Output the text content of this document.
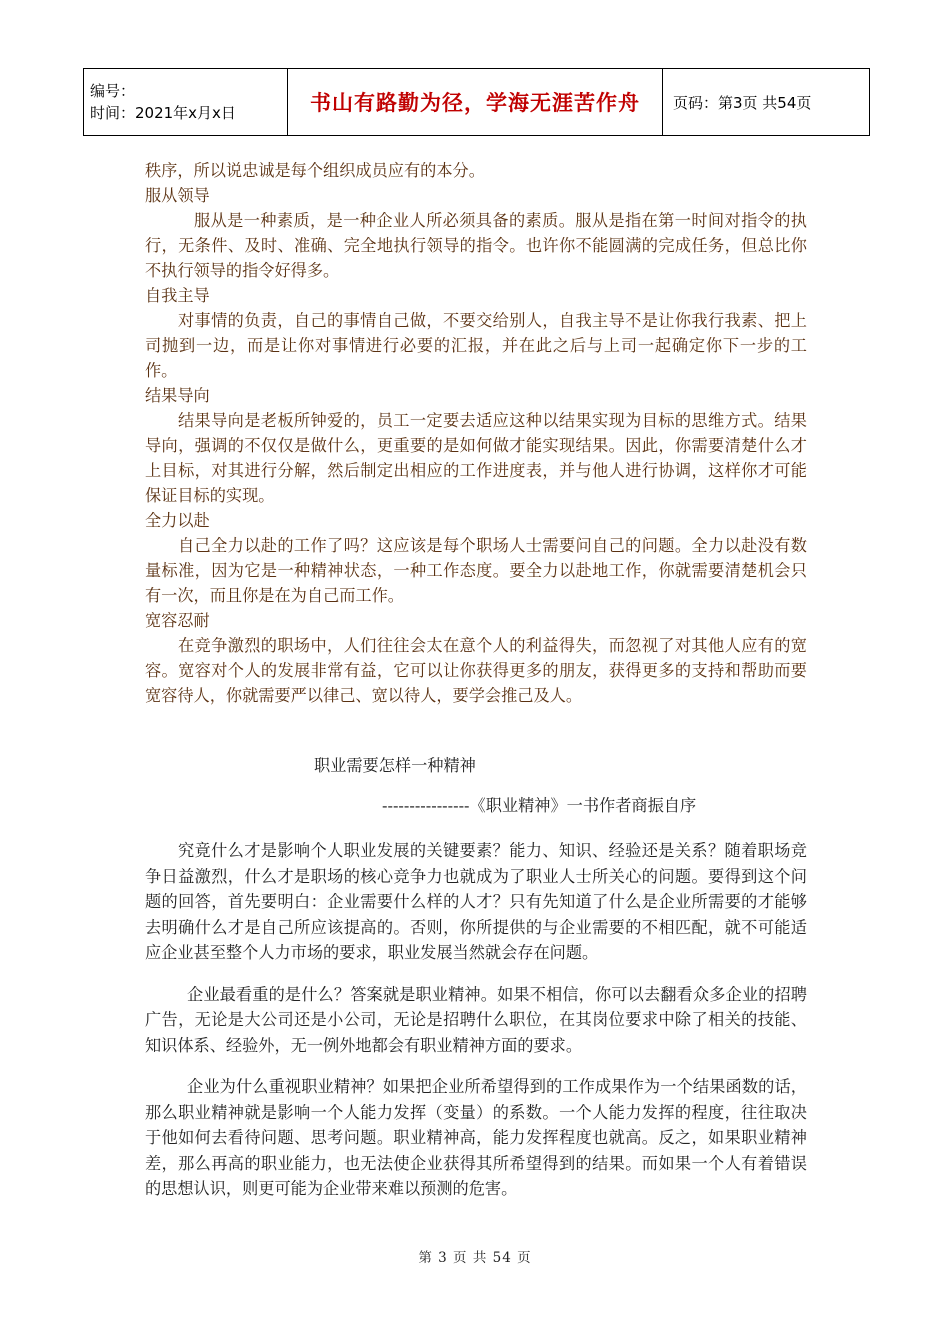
编号：
时间：2021年x月x日	书山有路勤为径，学海无涯苦作舟	页码：第3页 共54页

秩序，所以说忠诚是每个组织成员应有的本分。

服从领导

服从是一种素质，是一种企业人所必须具备的素质。服从是指在第一时间对指令的执行，无条件、及时、准确、完全地执行领导的指令。也许你不能圆满的完成任务，但总比你不执行领导的指令好得多。

自我主导

对事情的负责，自己的事情自己做，不要交给别人，自我主导不是让你我行我素、把上司抛到一边，而是让你对事情进行必要的汇报，并在此之后与上司一起确定你下一步的工作。

结果导向

结果导向是老板所钟爱的，员工一定要去适应这种以结果实现为目标的思维方式。结果导向，强调的不仅仅是做什么，更重要的是如何做才能实现结果。因此，你需要清楚什么才上目标，对其进行分解，然后制定出相应的工作进度表，并与他人进行协调，这样你才可能保证目标的实现。

全力以赴

自己全力以赴的工作了吗？这应该是每个职场人士需要问自己的问题。全力以赴没有数量标准，因为它是一种精神状态，一种工作态度。要全力以赴地工作，你就需要清楚机会只有一次，而且你是在为自己而工作。

宽容忍耐

在竞争激烈的职场中，人们往往会太在意个人的利益得失，而忽视了对其他人应有的宽容。宽容对个人的发展非常有益，它可以让你获得更多的朋友，获得更多的支持和帮助而要宽容待人，你就需要严以律己、宽以待人，要学会推己及人。

职业需要怎样一种精神
----------------《职业精神》一书作者商振自序

究竟什么才是影响个人职业发展的关键要素？能力、知识、经验还是关系？随着职场竞争日益激烈，什么才是职场的核心竞争力也就成为了职业人士所关心的问题。要得到这个问题的回答，首先要明白：企业需要什么样的人才？只有先知道了什么是企业所需要的才能够去明确什么才是自己所应该提高的。否则，你所提供的与企业需要的不相匹配，就不可能适应企业甚至整个人力市场的要求，职业发展当然就会存在问题。

企业最看重的是什么？答案就是职业精神。如果不相信，你可以去翻看众多企业的招聘广告，无论是大公司还是小公司，无论是招聘什么职位，在其岗位要求中除了相关的技能、知识体系、经验外，无一例外地都会有职业精神方面的要求。

企业为什么重视职业精神？如果把企业所希望得到的工作成果作为一个结果函数的话，那么职业精神就是影响一个人能力发挥（变量）的系数。一个人能力发挥的程度，往往取决于他如何去看待问题、思考问题。职业精神高，能力发挥程度也就高。反之，如果职业精神差，那么再高的职业能力，也无法使企业获得其所希望得到的结果。而如果一个人有着错误的思想认识，则更可能为企业带来难以预测的危害。

第 3 页 共 54 页
